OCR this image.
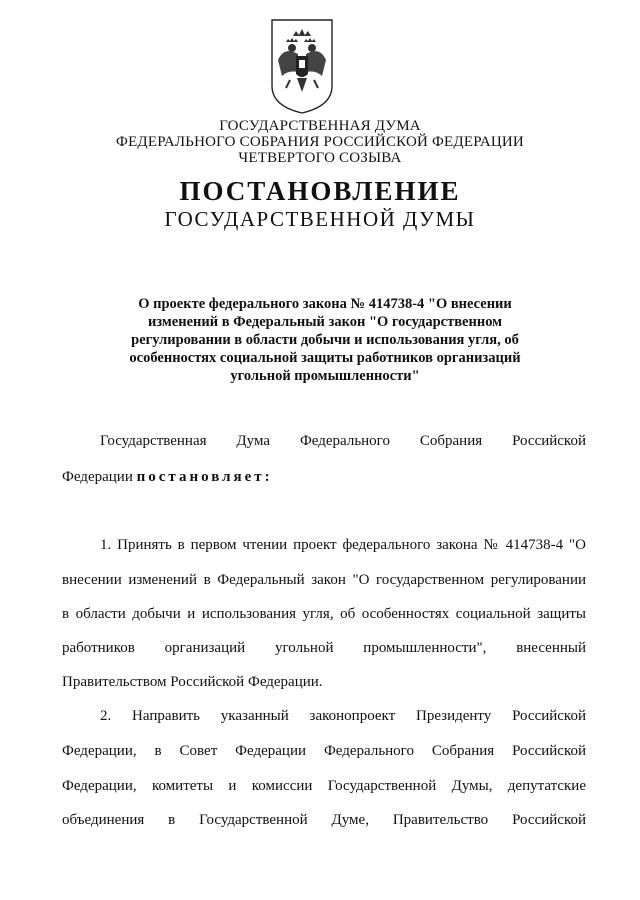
ГОСУДАРСТВЕННАЯ ДУМА
ФЕДЕРАЛЬНОГО СОБРАНИЯ РОССИЙСКОЙ ФЕДЕРАЦИИ
ЧЕТВЕРТОГО СОЗЫВА
ПОСТАНОВЛЕНИЕ
ГОСУДАРСТВЕННОЙ ДУМЫ
О проекте федерального закона № 414738-4 "О внесении
изменений в Федеральный закон "О государственном
регулировании в области добычи и использования угля, об
особенностях социальной защиты работников организаций
угольной промышленности"
Государственная Дума Федерального Собрания Российской
Федерации постановляет:
1. Принять в первом чтении проект федерального закона № 414738-4 "О
внесении изменений в Федеральный закон "О государственном регулировании
в области добычи и использования угля, об особенностях социальной защиты
работников организаций угольной промышленности", внесенный
Правительством Российской Федерации.
2. Направить указанный законопроект Президенту Российской
Федерации, в Совет Федерации Федерального Собрания Российской
Федерации, комитеты и комиссии Государственной Думы, депутатские
объединения в Государственной Думе, Правительство Российской
